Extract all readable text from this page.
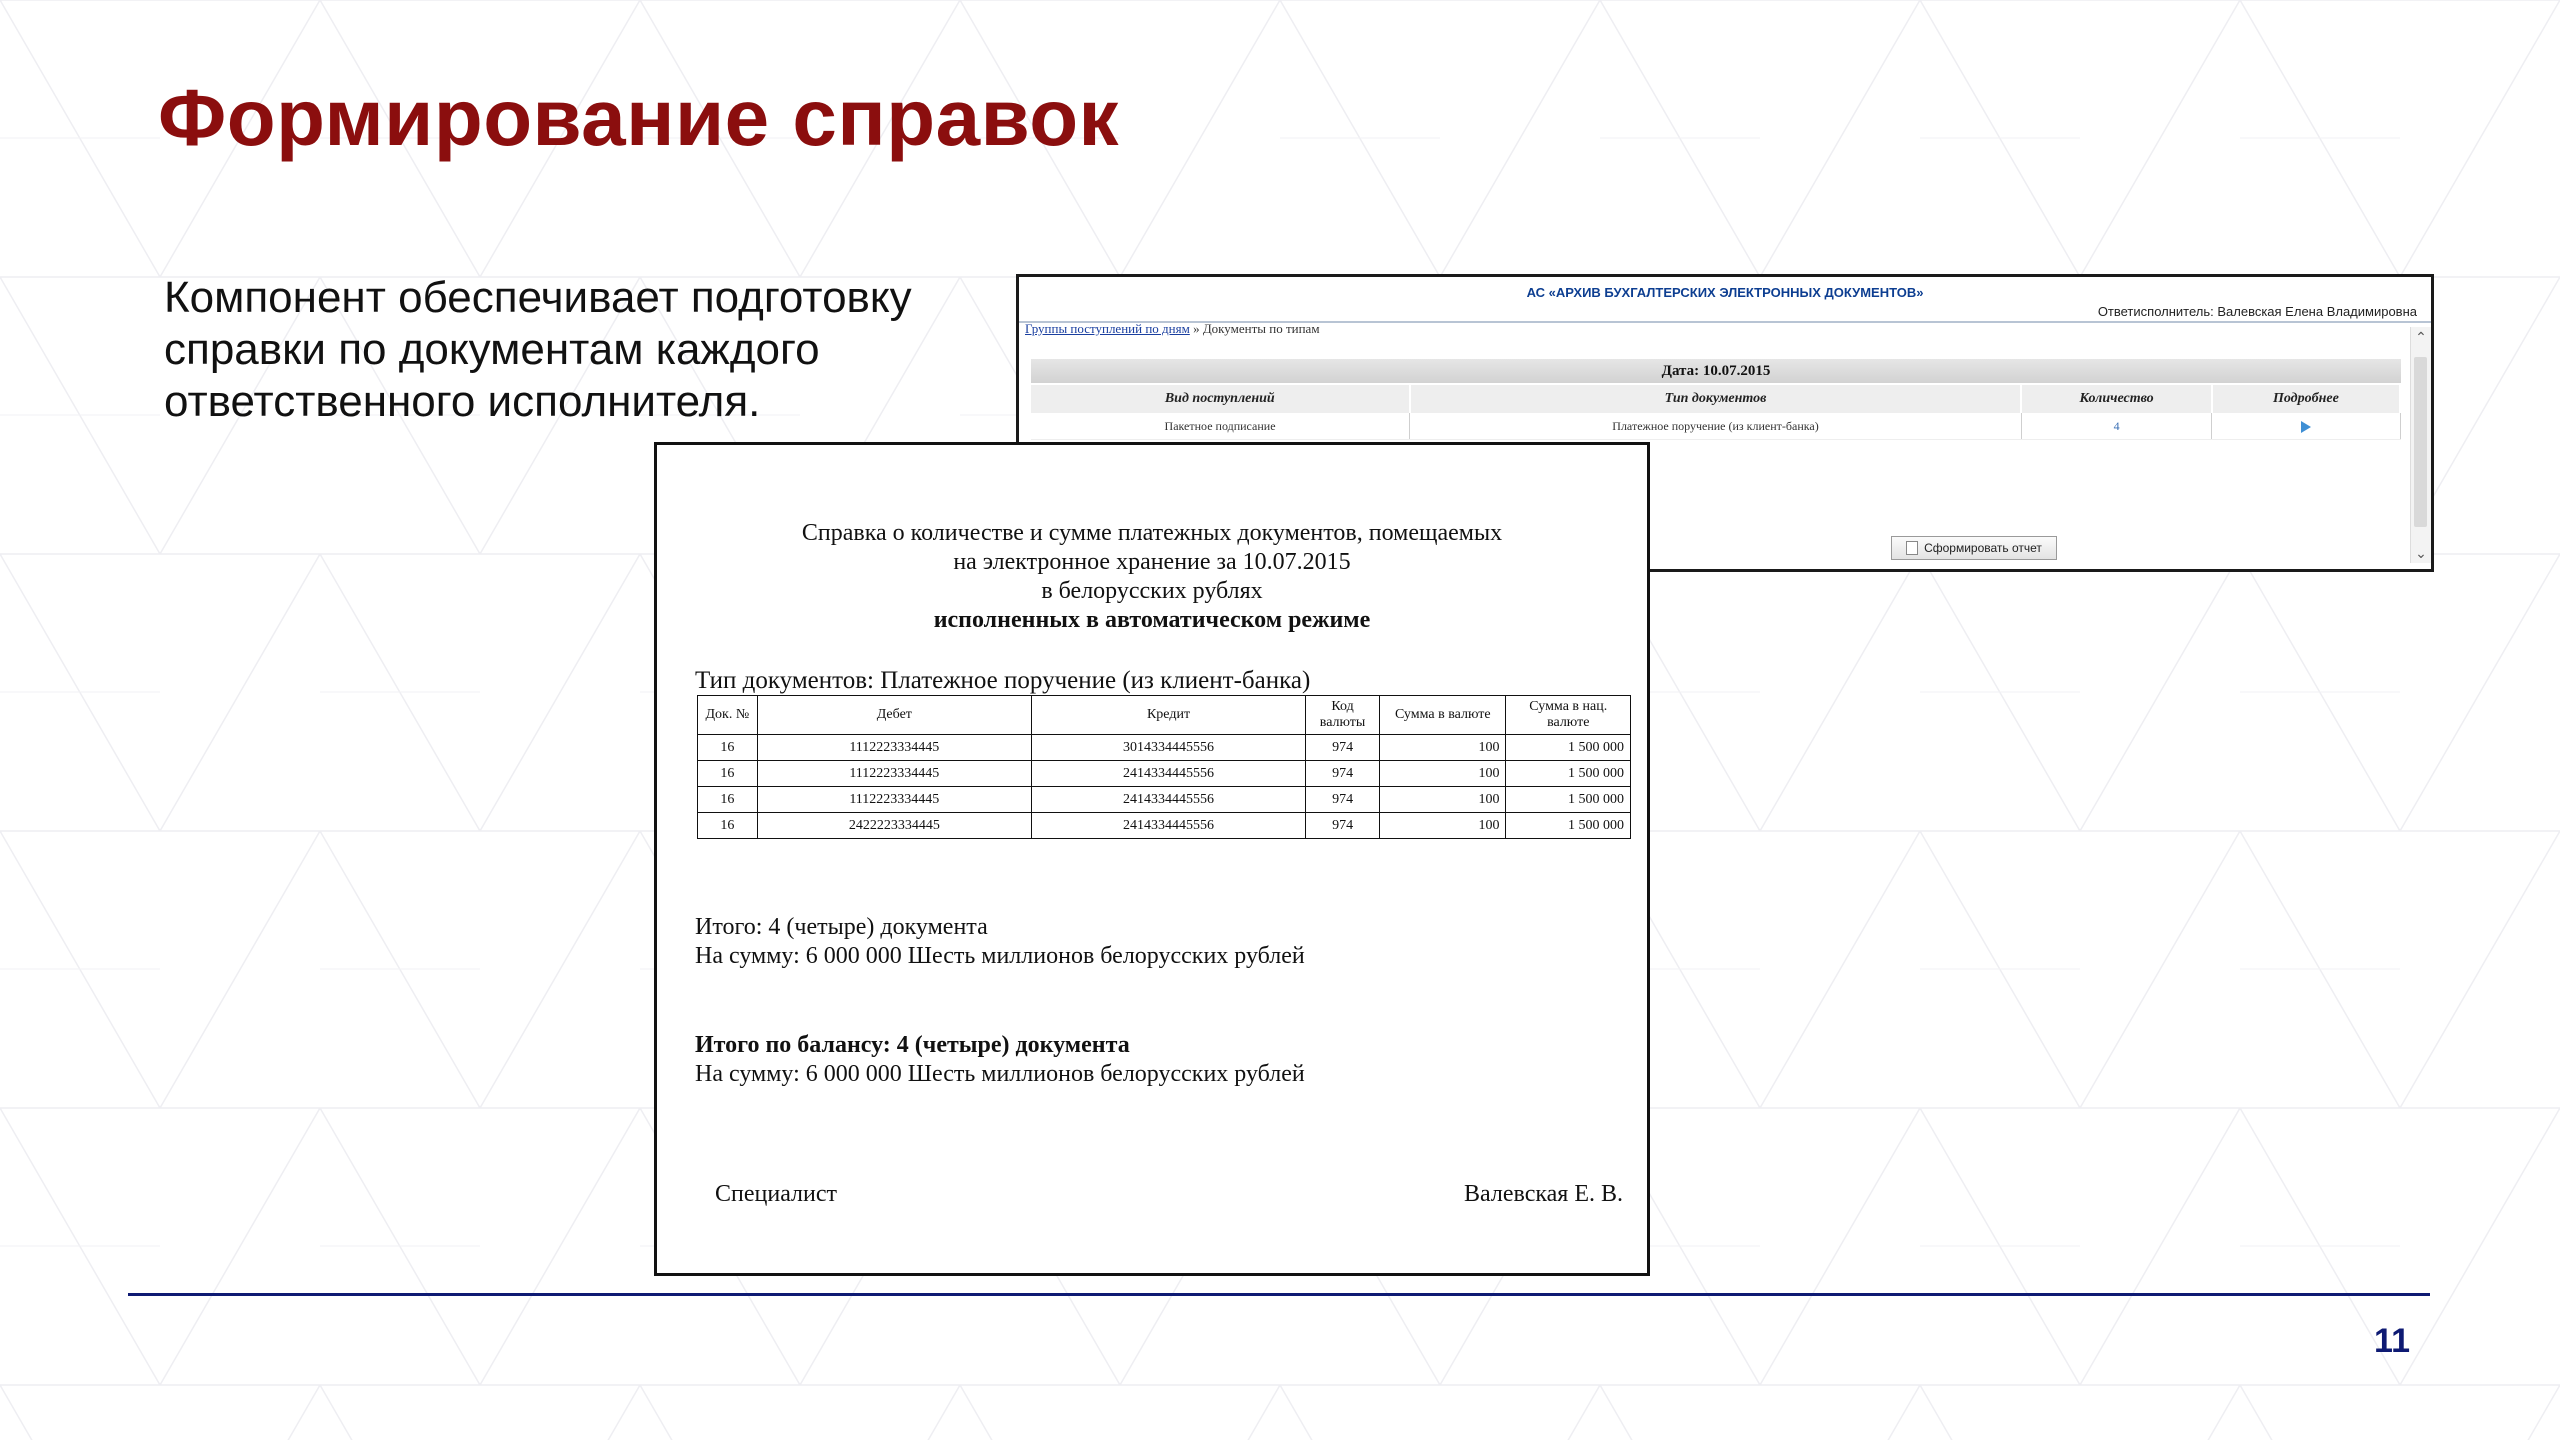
Формирование справок
Компонент обеспечивает подготовку справки по документам каждого ответственного исполнителя.
АС «АРХИВ БУХГАЛТЕРСКИХ ЭЛЕКТРОННЫХ ДОКУМЕНТОВ»
Ответисполнитель: Валевская Елена Владимировна
Группы поступлений по дням » Документы по типам
Дата: 10.07.2015
Вид поступлений	Тип документов	Количество	Подробнее
Пакетное подписание	Платежное поручение (из клиент-банка)	4	
⌃
⌄
Сформировать отчет
Справка о количестве и сумме платежных документов, помещаемых
на электронное хранение за 10.07.2015
в белорусских рублях
исполненных в автоматическом режиме
Тип документов: Платежное поручение (из клиент-банка)
Док. №	Дебет	Кредит	Код валюты	Сумма в валюте	Сумма в нац. валюте
16	1112223334445	3014334445556	974	100	1 500 000
16	1112223334445	2414334445556	974	100	1 500 000
16	1112223334445	2414334445556	974	100	1 500 000
16	2422223334445	2414334445556	974	100	1 500 000
Итого: 4 (четыре) документа
На сумму: 6 000 000 Шесть миллионов белорусских рублей
Итого по балансу: 4 (четыре) документа
На сумму: 6 000 000 Шесть миллионов белорусских рублей
Специалист	Валевская Е. В.
11
